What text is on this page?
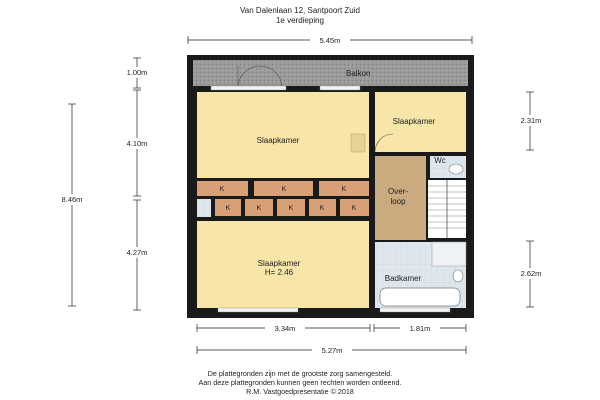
Van Dalenlaan 12, Santpoort Zuid
1e verdieping
5.45m
1.00m
4.10m
4.27m
8.46m
2.31m
2.62m
3.34m	1.81m
5.27m
Balkon
Slaapkamer
Slaapkamer
Wc
Over-
loop
Slaapkamer
H= 2.46
Badkamer
K	K	K
K	K	K	K	K
De plattegronden zijn met de grootste zorg samengesteld.
Aan deze plattegronden kunnen geen rechten worden ontleend.
R.M. Vastgoedpresentatie © 2018
